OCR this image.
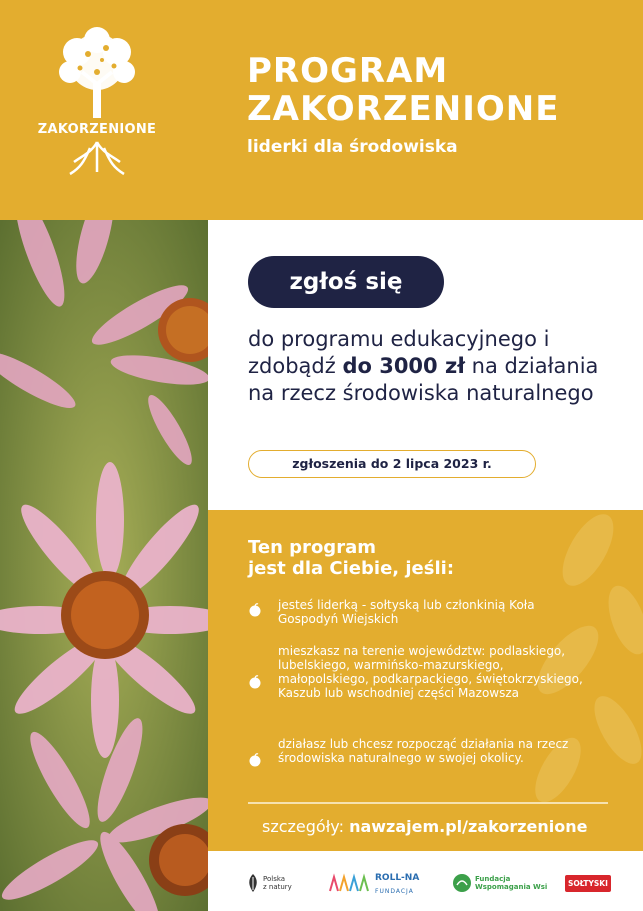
ZAKORZENIONE
PROGRAM
ZAKORZENIONE

liderki dla środowiska

zgłoś się
do programu edukacyjnego i zdobądź do 3000 zł na działania na rzecz środowiska naturalnego
zgłoszenia do 2 lipca 2023 r.
Ten program
jest dla Ciebie, jeśli:
jesteś liderką - sołtyską lub członkinią Koła Gospodyń Wiejskich
mieszkasz na terenie województw: podlaskiego, lubelskiego, warmińsko-mazurskiego, małopolskiego, podkarpackiego, świętokrzyskiego, Kaszub lub wschodniej części Mazowsza
działasz lub chcesz rozpocząć działania na rzecz środowiska naturalnego w swojej okolicy.
szczegóły: nawzajem.pl/zakorzenione
Polska
z natury
ROLL-NA
FUNDACJA
Fundacja
Wspomagania Wsi	SOŁTYSKI
